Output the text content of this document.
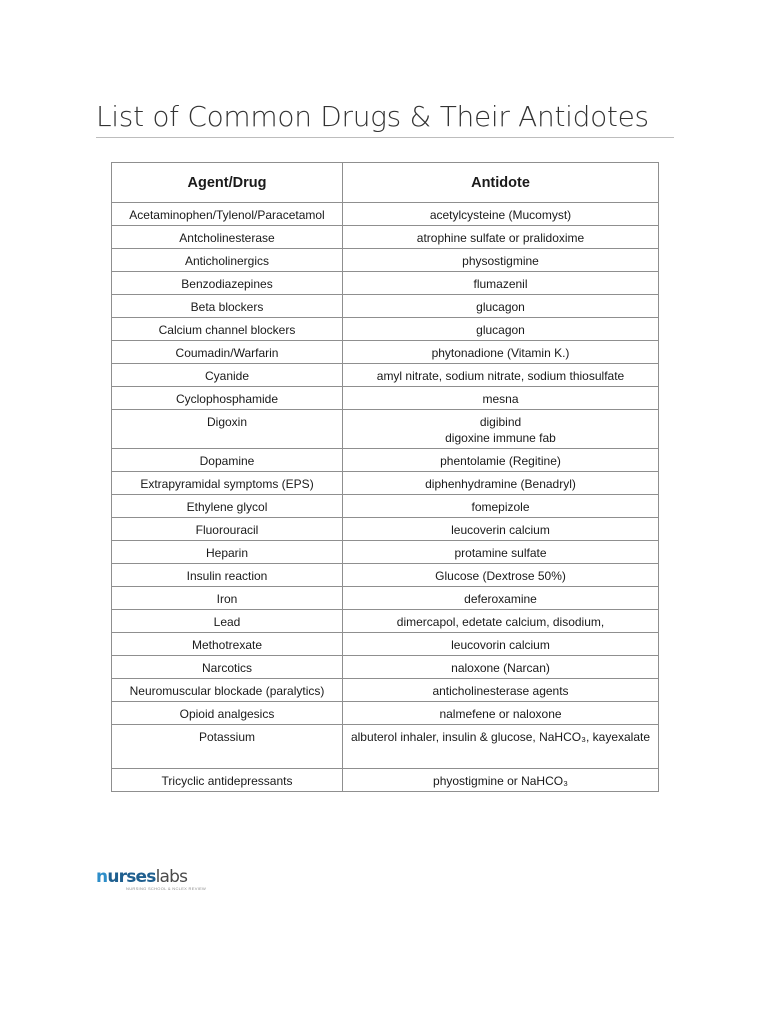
List of Common Drugs & Their Antidotes
Agent/Drug	Antidote
Acetaminophen/Tylenol/Paracetamol	acetylcysteine (Mucomyst)
Antcholinesterase	atrophine sulfate or pralidoxime
Anticholinergics	physostigmine
Benzodiazepines	flumazenil
Beta blockers	glucagon
Calcium channel blockers	glucagon
Coumadin/Warfarin	phytonadione (Vitamin K.)
Cyanide	amyl nitrate, sodium nitrate, sodium thiosulfate
Cyclophosphamide	mesna
Digoxin	digibind
digoxine immune fab

Dopamine	phentolamie (Regitine)
Extrapyramidal symptoms (EPS)	diphenhydramine (Benadryl)
Ethylene glycol	fomepizole
Fluorouracil	leucoverin calcium
Heparin	protamine sulfate
Insulin reaction	Glucose (Dextrose 50%)
Iron	deferoxamine
Lead	dimercapol, edetate calcium, disodium,
Methotrexate	leucovorin calcium
Narcotics	naloxone (Narcan)
Neuromuscular blockade (paralytics)	anticholinesterase agents
Opioid analgesics	nalmefene or naloxone
Potassium	albuterol inhaler, insulin & glucose, NaHCO₃, kayexalate
Tricyclic antidepressants	phyostigmine or NaHCO₃
nurseslabs
NURSING SCHOOL & NCLEX REVIEW
